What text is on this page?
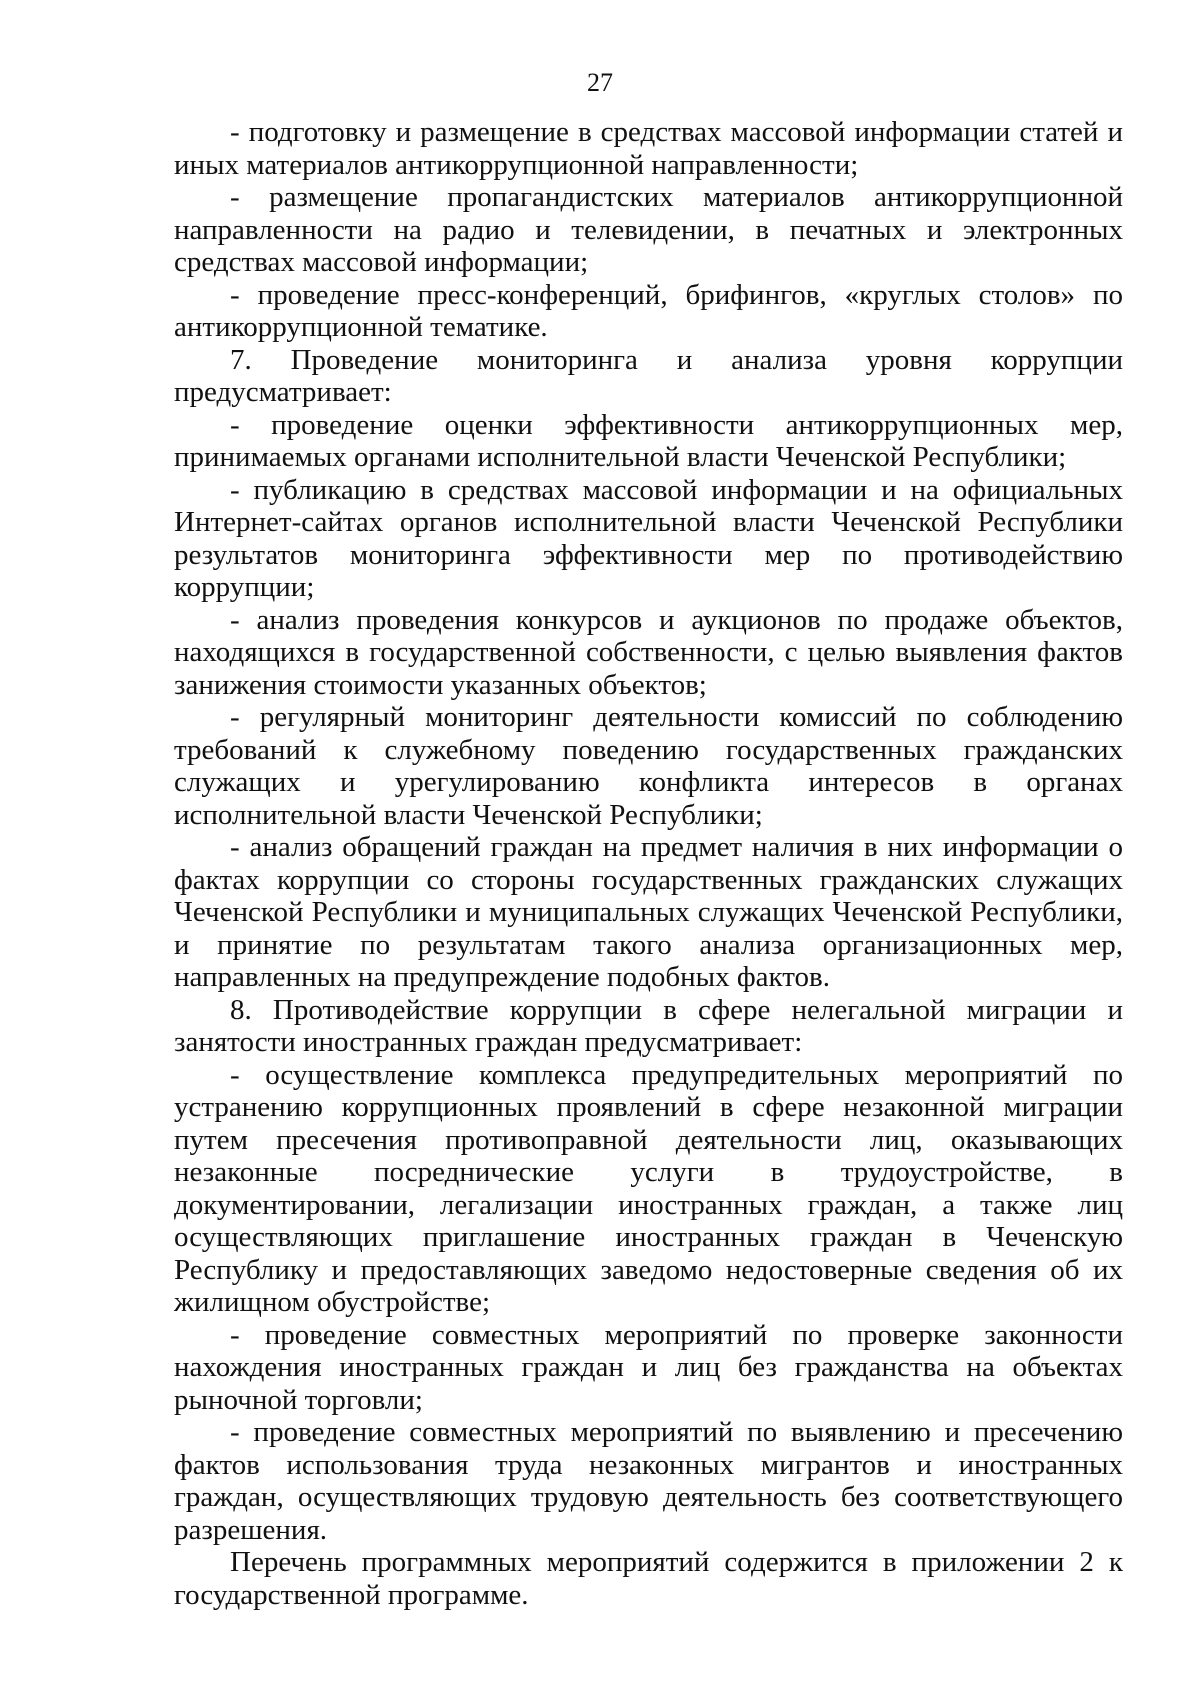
27

- подготовку и размещение в средствах массовой информации статей и иных материалов антикоррупционной направленности;

- размещение пропагандистских материалов антикоррупционной направленности на радио и телевидении, в печатных и электронных средствах массовой информации;

- проведение пресс-конференций, брифингов, «круглых столов» по антикоррупционной тематике.

7. Проведение мониторинга и анализа уровня коррупции предусматривает:

- проведение оценки эффективности антикоррупционных мер, принимаемых органами исполнительной власти Чеченской Республики;

- публикацию в средствах массовой информации и на официальных Интернет-сайтах органов исполнительной власти Чеченской Республики результатов мониторинга эффективности мер по противодействию коррупции;

- анализ проведения конкурсов и аукционов по продаже объектов, находящихся в государственной собственности, с целью выявления фактов занижения стоимости указанных объектов;

- регулярный мониторинг деятельности комиссий по соблюдению требований к служебному поведению государственных гражданских служащих и урегулированию конфликта интересов в органах исполнительной власти Чеченской Республики;

- анализ обращений граждан на предмет наличия в них информации о фактах коррупции со стороны государственных гражданских служащих Чеченской Республики и муниципальных служащих Чеченской Республики, и принятие по результатам такого анализа организационных мер, направленных на предупреждение подобных фактов.

8. Противодействие коррупции в сфере нелегальной миграции и занятости иностранных граждан предусматривает:

- осуществление комплекса предупредительных мероприятий по устранению коррупционных проявлений в сфере незаконной миграции путем пресечения противоправной деятельности лиц, оказывающих незаконные посреднические услуги в трудоустройстве, в документировании, легализации иностранных граждан, а также лиц осуществляющих приглашение иностранных граждан в Чеченскую Республику и предоставляющих заведомо недостоверные сведения об их жилищном обустройстве;

- проведение совместных мероприятий по проверке законности нахождения иностранных граждан и лиц без гражданства на объектах рыночной торговли;

- проведение совместных мероприятий по выявлению и пресечению фактов использования труда незаконных мигрантов и иностранных граждан, осуществляющих трудовую деятельность без соответствующего разрешения.

Перечень программных мероприятий содержится в приложении 2 к государственной программе.
